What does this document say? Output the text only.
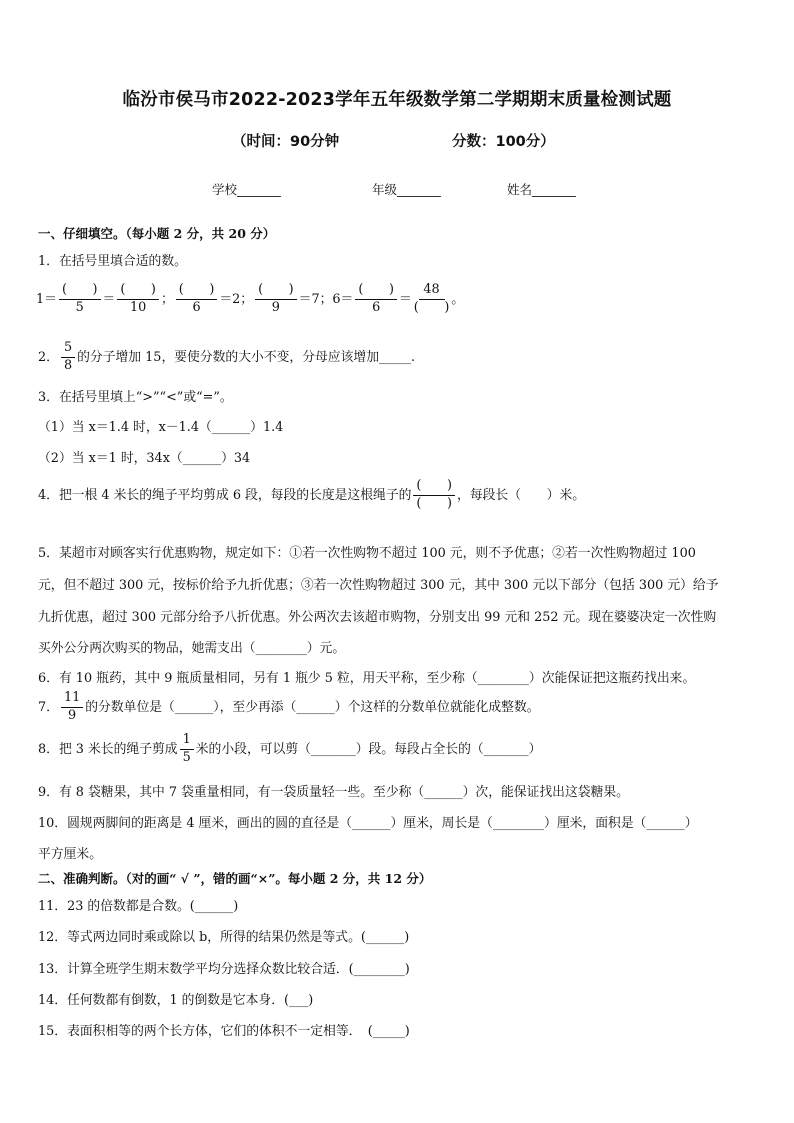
临汾市侯马市2022-2023学年五年级数学第二学期期末质量检测试题
（时间：90分钟	分数：100分）
学校_______	年级_______	姓名_______
一、仔细填空。（每小题 2 分，共 20 分）
1．在括号里填合适的数。
$1= \frac{( )}{5} = \frac{( )}{10}$ ； $\frac{( )}{6} =2$； $\frac{( )}{9} =7$；$6= \frac{( )}{6} = \frac{48}{( )}$ 。
2． $\frac{5}{8}$ 的分子增加 15，要使分数的大小不变，分母应该增加_____.
3．在括号里填上“>”“<”或“=”。
（1）当 x＝1.4 时，x－1.4（______）1.4
（2）当 x＝1 时，34x（______）34
4．把一根 4 米长的绳子平均剪成 6 段，每段的长度是这根绳子的 $\frac{( )}{( )}$ ，每段长（　　）米。
5．某超市对顾客实行优惠购物，规定如下：①若一次性购物不超过 100 元，则不予优惠；②若一次性购物超过 100
元，但不超过 300 元，按标价给予九折优惠；③若一次性购物超过 300 元，其中 300 元以下部分（包括 300 元）给予
九折优惠，超过 300 元部分给予八折优惠。外公两次去该超市购物，分别支出 99 元和 252 元。现在婆婆决定一次性购
买外公分两次购买的物品，她需支出（________）元。
6．有 10 瓶药，其中 9 瓶质量相同，另有 1 瓶少 5 粒，用天平称，至少称（________）次能保证把这瓶药找出来。
7． $\frac{11}{9}$ 的分数单位是（______），至少再添（______）个这样的分数单位就能化成整数。
8．把 3 米长的绳子剪成 $\frac{1}{5}$ 米的小段，可以剪（_______）段。每段占全长的（_______）
9．有 8 袋糖果，其中 7 袋重量相同，有一袋质量轻一些。至少称（______）次，能保证找出这袋糖果。
10．圆规两脚间的距离是 4 厘米，画出的圆的直径是（______）厘米，周长是（________）厘米，面积是（______）
平方厘米。
二、准确判断。（对的画“ √ ”，错的画“×”。每小题 2 分，共 12 分）
11．23 的倍数都是合数。(______)
12．等式两边同时乘或除以 b，所得的结果仍然是等式。(______)
13．计算全班学生期末数学平均分选择众数比较合适．(________)
14．任何数都有倒数，1 的倒数是它本身．(___)
15．表面积相等的两个长方体，它们的体积不一定相等．　(_____)
